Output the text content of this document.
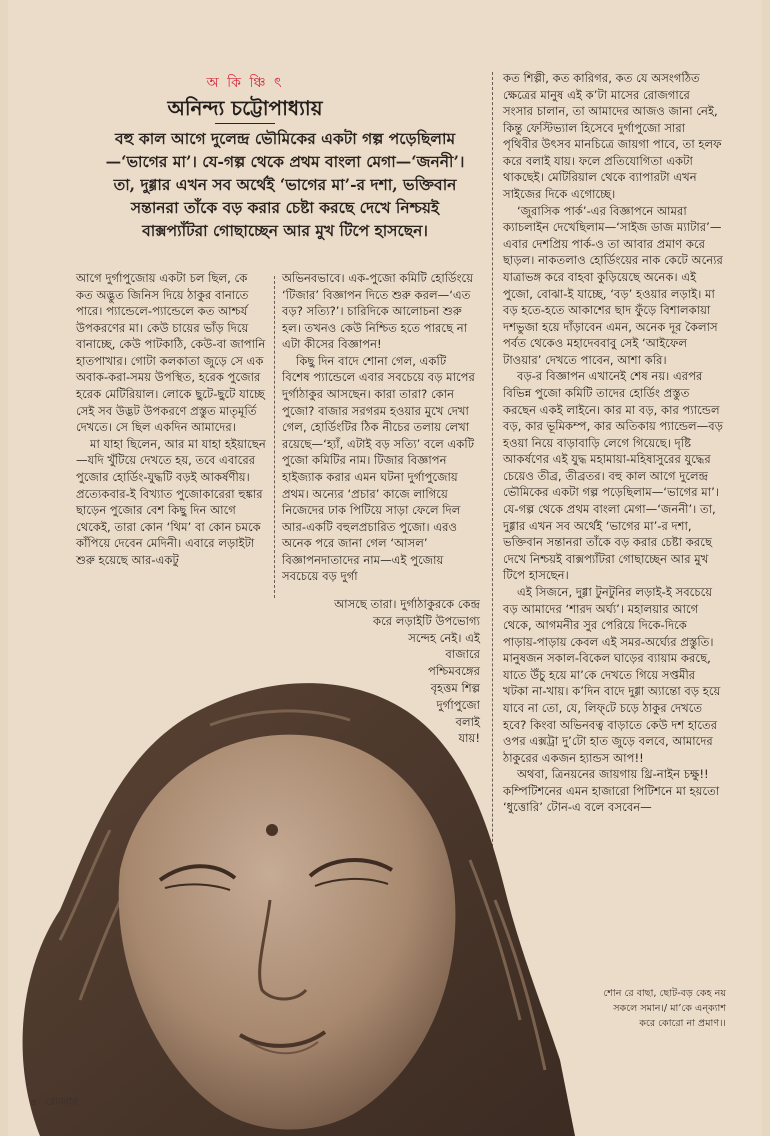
অ কি ঞ্চি ৎ
অনিন্দ্য চট্টোপাধ্যায়
বহু কাল আগে দুলেন্দ্র ভৌমিকের একটা গল্প পড়েছিলাম—‘ভাগের মা’। যে-গল্প থেকে প্রথম বাংলা মেগা—‘জননী’। তা, দুগ্গার এখন সব অর্থেই ‘ভাগের মা’-র দশা, ভক্তিবান সন্তানরা তাঁকে বড় করার চেষ্টা করছে দেখে নিশ্চয়ই বাক্সপ্যাঁটরা গোছাচ্ছেন আর মুখ টিপে হাসছেন।

আগে দুর্গাপুজোয় একটা চল ছিল, কে কত অদ্ভুত জিনিস দিয়ে ঠাকুর বানাতে পারে। প্যান্ডেলে-প্যান্ডেলে কত আশ্চর্য উপকরণের মা। কেউ চায়ের ভাঁড় দিয়ে বানাচ্ছে, কেউ পাটকাঠি, কেউ-বা জাপানি হাতপাখার। গোটা কলকাতা জুড়ে সে এক অবাক-করা-সময় উপস্থিত, হরেক পুজোর হরেক মেটিরিয়াল। লোকে ছুটে-ছুটে যাচ্ছে সেই সব উদ্ভট উপকরণে প্রস্তুত মাতৃমূর্তি দেখতে। সে ছিল একদিন আমাদের।

মা যাহা ছিলেন, আর মা যাহা হইয়াছেন—যদি খুঁটিয়ে দেখতে হয়, তবে এবারের পুজোর হোর্ডিং-যুদ্ধটি বড়ই আকর্ষণীয়। প্রত্যেকবার-ই বিখ্যাত পুজোকারেরা হুঙ্কার ছাড়েন পুজোর বেশ কিছু দিন আগে থেকেই, তারা কোন ‘থিম’ বা কোন চমকে কাঁপিয়ে দেবেন মেদিনী। এবারে লড়াইটা শুরু হয়েছে আর-একটু

অভিনবভাবে। এক-পুজো কমিটি হোর্ডিংয়ে ‘টিজার’ বিজ্ঞাপন দিতে শুরু করল—‘এত বড়? সত্যি?’। চারিদিকে আলোচনা শুরু হল। তখনও কেউ নিশ্চিত হতে পারছে না এটা কীসের বিজ্ঞাপন!

কিছু দিন বাদে শোনা গেল, একটি বিশেষ প্যান্ডেলে এবার সবচেয়ে বড় মাপের দুর্গাঠাকুর আসছেন। কারা তারা? কোন পুজো? বাজার সরগরম হওয়ার মুখে দেখা গেল, হোর্ডিংটির ঠিক নীচের তলায় লেখা রয়েছে—‘হ্যাঁ, এটাই বড় সত্যি’ বলে একটি পুজো কমিটির নাম। টিজার বিজ্ঞাপন হাইজ্যাক করার এমন ঘটনা দুর্গাপুজোয় প্রথম। অন্যের ‘প্রচার’ কাজে লাগিয়ে নিজেদের ঢাক পিটিয়ে সাড়া ফেলে দিল আর-একটি বহুলপ্রচারিত পুজো। এরও অনেক পরে জানা গেল ‘আসল’ বিজ্ঞাপনদাতাদের নাম—এই পুজোয় সবচেয়ে বড় দুর্গা

আসছে তারা। দুর্গাঠাকুরকে কেন্দ্র
করে লড়াইটি উপভোগ্য
সন্দেহ নেই। এই
বাজারে
পশ্চিমবঙ্গের
বৃহত্তম শিল্প
দুর্গাপুজো
বলাই
যায়!

কত শিল্পী, কত কারিগর, কত যে অসংগঠিত ক্ষেত্রের মানুষ এই ক’টা মাসের রোজগারে সংসার চালান, তা আমাদের আজও জানা নেই, কিন্তু ফেস্টিভ্যাল হিসেবে দুর্গাপুজো সারা পৃথিবীর উৎসব মানচিত্রে জায়গা পাবে, তা হলফ করে বলাই যায়। ফলে প্রতিযোগিতা একটা থাকছেই। মেটিরিয়াল থেকে ব্যাপারটা এখন সাইজের দিকে এগোচ্ছে।

‘জুরাসিক পার্ক’-এর বিজ্ঞাপনে আমরা ক্যাচলাইন দেখেছিলাম—‘সাইজ ডাজ ম্যাটার’—এবার দেশপ্রিয় পার্ক-ও তা আবার প্রমাণ করে ছাড়ল। নাকতলাও হোর্ডিংয়ের নাক কেটে অন্যের যাত্রাভঙ্গ করে বাহবা কুড়িয়েছে অনেক। এই পুজো, বোঝা-ই যাচ্ছে, ‘বড়’ হওয়ার লড়াই। মা বড় হতে-হতে আকাশের ছাদ ফুঁড়ে বিশালকায়া দশভুজা হয়ে দাঁড়াবেন এমন, অনেক দূর কৈলাস পর্বত থেকেও মহাদেববাবু সেই ‘আইফেল টাওয়ার’ দেখতে পাবেন, আশা করি।

বড়-র বিজ্ঞাপন এখানেই শেষ নয়। এরপর বিভিন্ন পুজো কমিটি তাদের হোর্ডিং প্রস্তুত করছেন একই লাইনে। কার মা বড়, কার প্যান্ডেল বড়, কার ভূমিকম্প, কার অতিকায় প্যান্ডেল—বড় হওয়া নিয়ে বাড়াবাড়ি লেগে গিয়েছে। দৃষ্টি আকর্ষণের এই যুদ্ধ মহামায়া-মহিষাসুরের যুদ্ধের চেয়েও তীব্র, তীব্রতর। বহু কাল আগে দুলেন্দ্র ভৌমিকের একটা গল্প পড়েছিলাম—‘ভাগের মা’। যে-গল্প থেকে প্রথম বাংলা মেগা—‘জননী’। তা, দুগ্গার এখন সব অর্থেই ‘ভাগের মা’-র দশা, ভক্তিবান সন্তানরা তাঁকে বড় করার চেষ্টা করছে দেখে নিশ্চয়ই বাক্সপ্যাঁটরা গোছাচ্ছেন আর মুখ টিপে হাসছেন।

এই সিজনে, দুগ্গা টুনটুনির লড়াই-ই সবচেয়ে বড় আমাদের ‘শারদ অর্ঘ্য’। মহালয়ার আগে থেকে, আগমনীর সুর পেরিয়ে দিকে-দিকে পাড়ায়-পাড়ায় কেবল এই সমর-অর্ঘ্যের প্রস্তুতি। মানুষজন সকাল-বিকেল ঘাড়ের ব্যায়াম করছে, যাতে উঁচু হয়ে মা’কে দেখতে গিয়ে সপ্তমীর খটকা না-খায়। ক’দিন বাদে দুগ্গা অ্যান্তো বড় হয়ে যাবে না তো, যে, লিফ্‌টে চড়ে ঠাকুর দেখতে হবে? কিংবা অভিনবত্ব বাড়াতে কেউ দশ হাতের ওপর এক্সট্রা দু’টো হাত জুড়ে বলবে, আমাদের ঠাকুরের একজন হ্যান্ডস আপ!!

অথবা, ত্রিনয়নের জায়গায় থ্রি-নাইন চক্ষু!! কম্পিটিশনের এমন হাজারো পিটিশনে মা হয়তো ‘ধুত্তোরি’ টোন-এ বলে বসবেন—

শোন রে বাছা, ছোট-বড় কেহ নয়
সকলে সমান।/ মা’কে এন্‌ক্যাশ
করে কোরো না প্রমাণ।।
৪ রোববার
